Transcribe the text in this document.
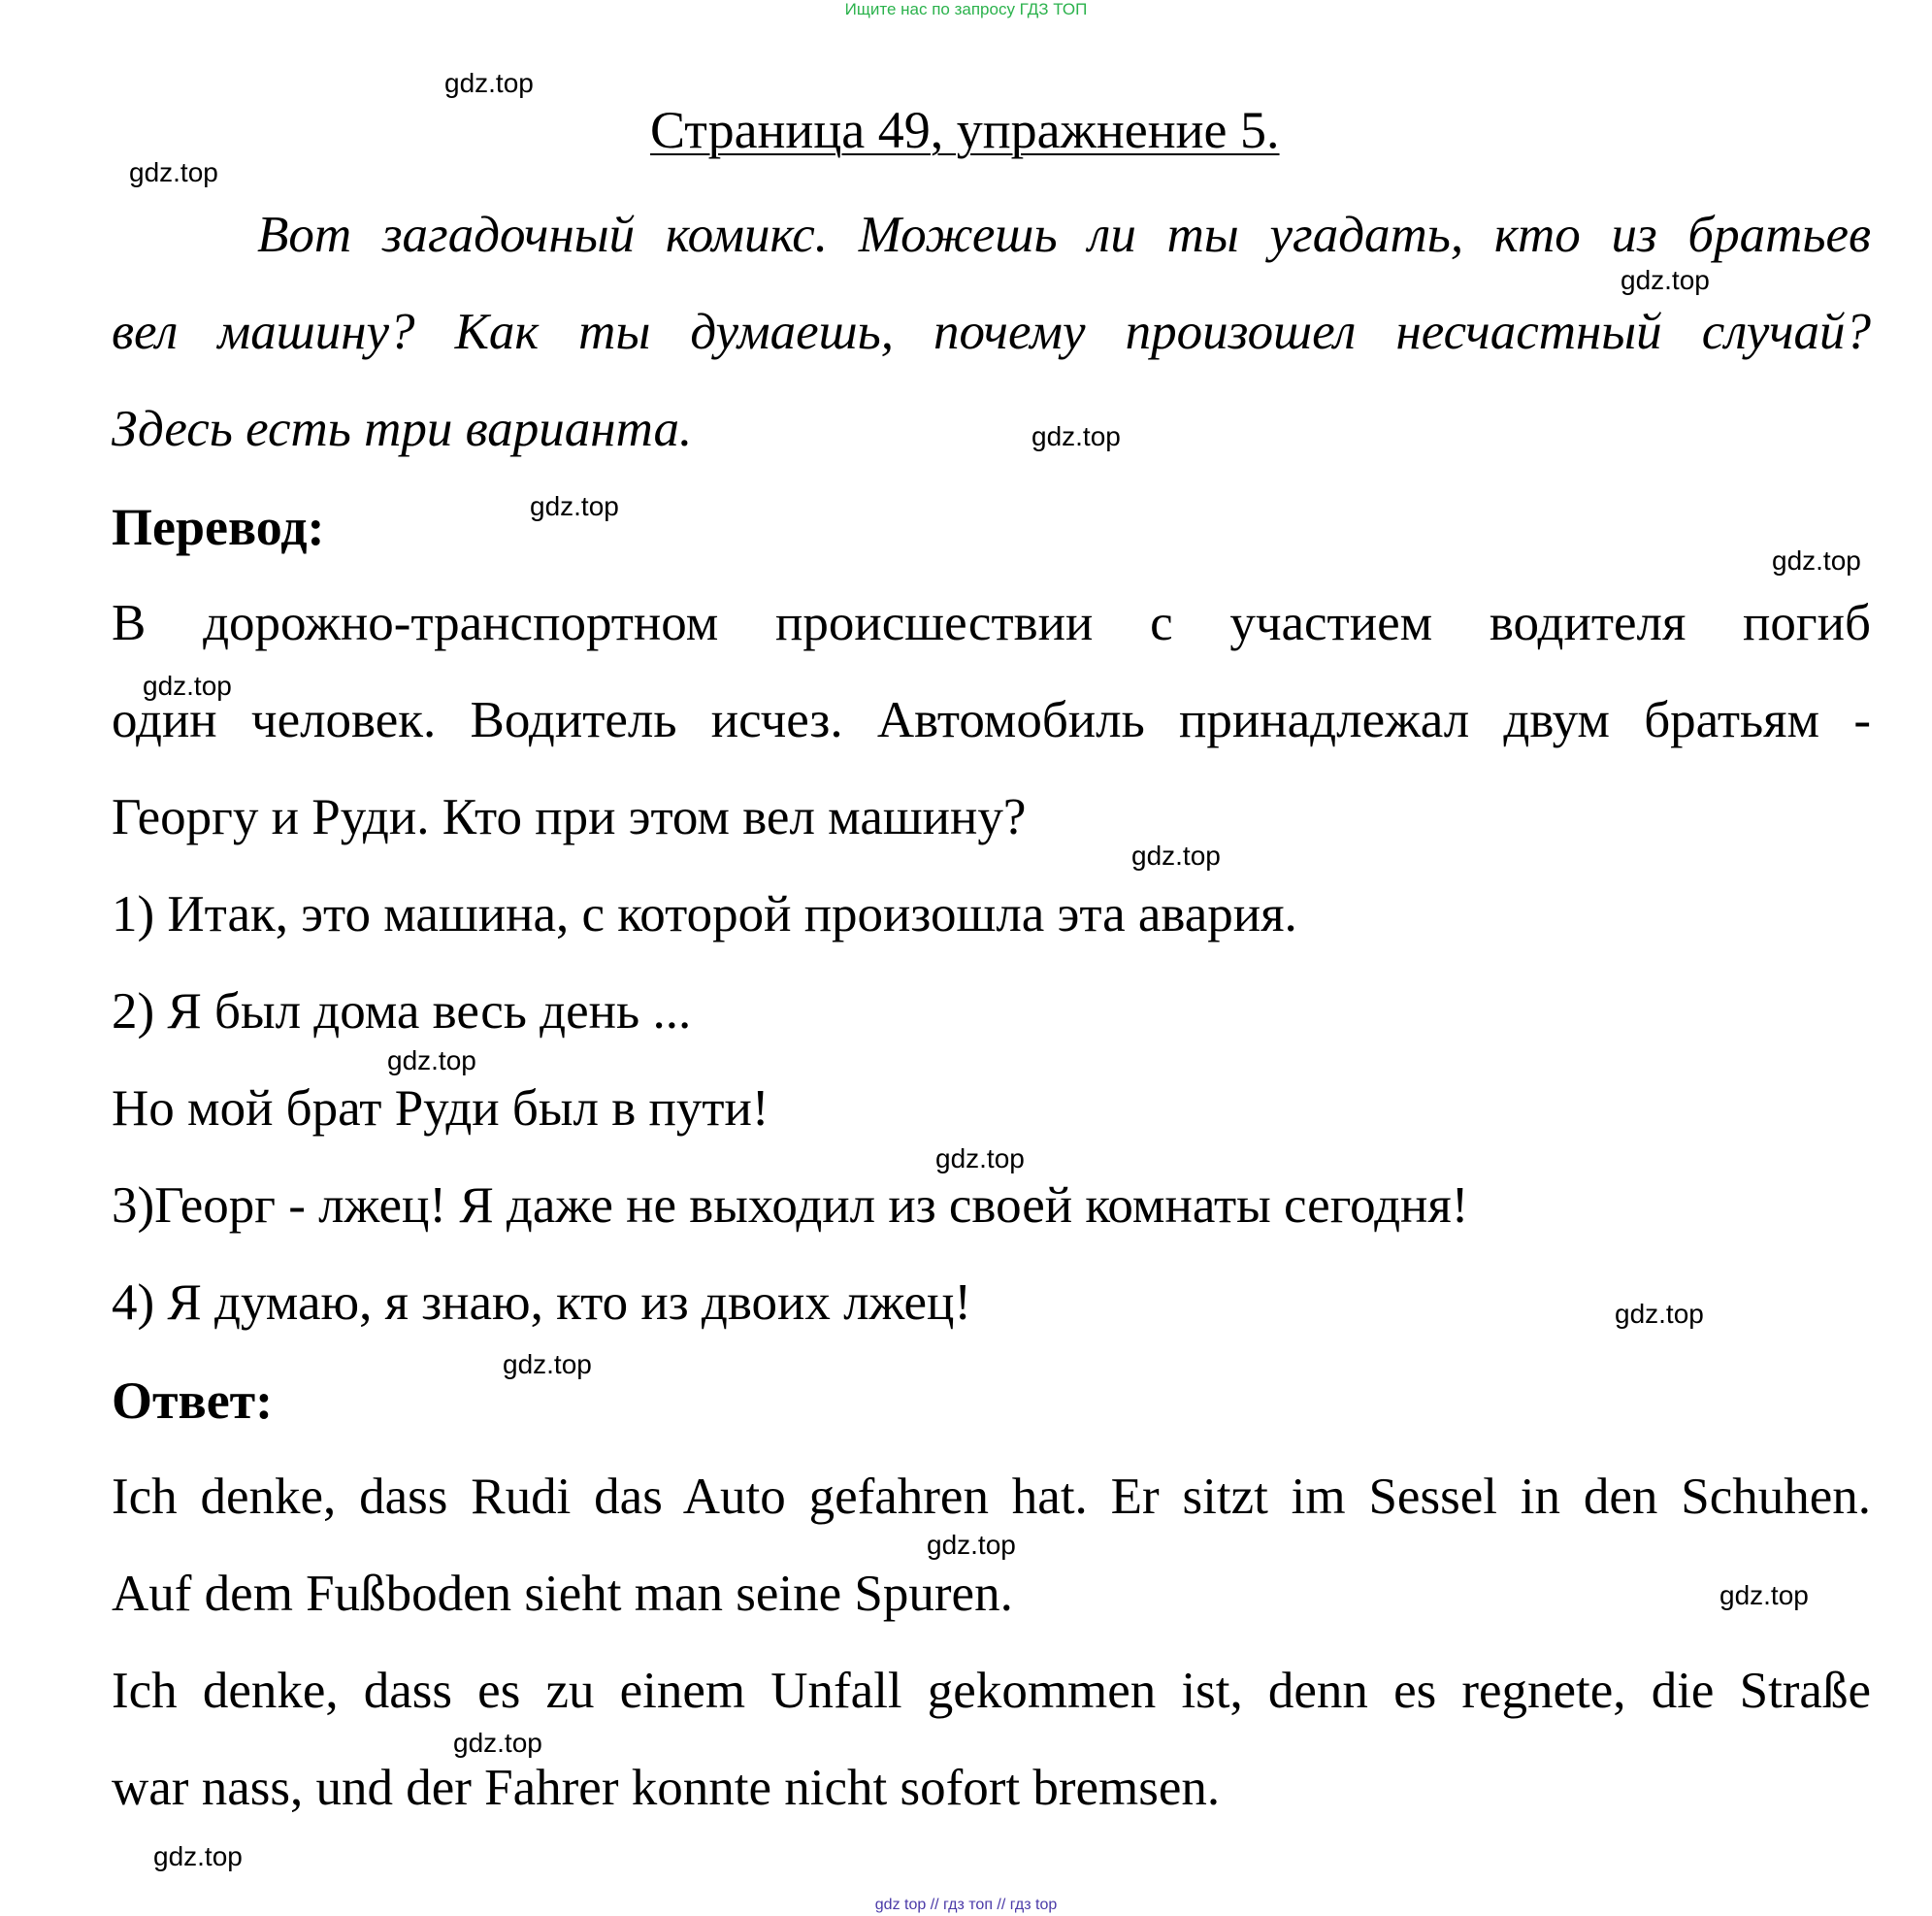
Ищите нас по запросу ГДЗ ТОП
Страница 49, упражнение 5.
Вот загадочный комикс. Можешь ли ты угадать, кто из братьев
вел машину? Как ты думаешь, почему произошел несчастный случай?
Здесь есть три варианта.
Перевод:
В дорожно-транспортном происшествии с участием водителя погиб
один человек. Водитель исчез. Автомобиль принадлежал двум братьям -
Георгу и Руди. Кто при этом вел машину?
1) Итак, это машина, с которой произошла эта авария.
2) Я был дома весь день ...
Но мой брат Руди был в пути!
3)Георг - лжец! Я даже не выходил из своей комнаты сегодня!
4) Я думаю, я знаю, кто из двоих лжец!
Ответ:
Ich denke, dass Rudi das Auto gefahren hat. Er sitzt im Sessel in den Schuhen.
Auf dem Fußboden sieht man seine Spuren.
Ich denke, dass es zu einem Unfall gekommen ist, denn es regnete, die Straße
war nass, und der Fahrer konnte nicht sofort bremsen.
gdz.top
gdz.top
gdz.top
gdz.top
gdz.top
gdz.top
gdz.top
gdz.top
gdz.top
gdz.top
gdz.top
gdz.top
gdz.top
gdz.top
gdz.top
gdz.top
gdz top // гдз топ // гдз top
